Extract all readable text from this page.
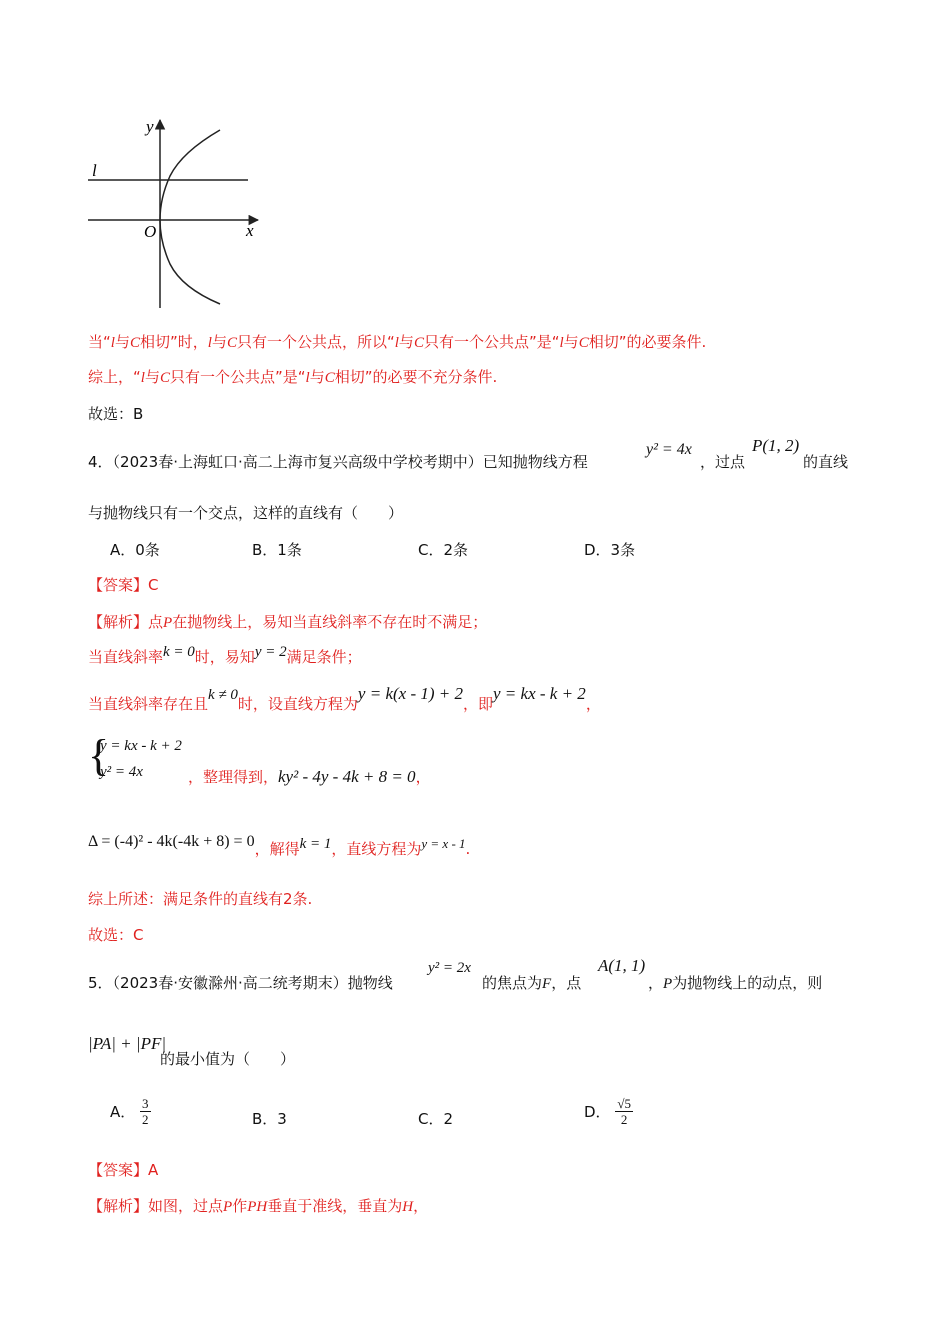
y
x
l
O
当“l与C相切”时，l与C只有一个公共点，所以“l与C只有一个公共点”是“l与C相切”的必要条件.
综上，“l与C只有一个公共点”是“l与C相切”的必要不充分条件.
故选：B
4．（2023春·上海虹口·高二上海市复兴高级中学校考期中）已知抛物线方程
y² = 4x
，过点
P(1, 2)
的直线
与抛物线只有一个交点，这样的直线有（　　）
A．0条	B．1条	C．2条	D．3条
【答案】C
【解析】点P在抛物线上，易知当直线斜率不存在时不满足；
当直线斜率k = 0时，易知y = 2满足条件；
当直线斜率存在且k ≠ 0时，设直线方程为y = k(x - 1) + 2，即y = kx - k + 2，
{
y = kx - k + 2
y² = 4x	，整理得到，ky² - 4y - 4k + 8 = 0，
Δ = (-4)² - 4k(-4k + 8) = 0，解得k = 1，直线方程为y = x - 1.
综上所述：满足条件的直线有2条.
故选：C
5．（2023春·安徽滁州·高二统考期末）抛物线
y² = 2x
的焦点为F，点
A(1, 1)
，P为抛物线上的动点，则
|PA| + |PF|
的最小值为（　　）
A． $\frac{3}{2}$	B．3	C．2	D． $\frac{√5}{2}$
【答案】A
【解析】如图，过点P作PH垂直于准线，垂直为H，
